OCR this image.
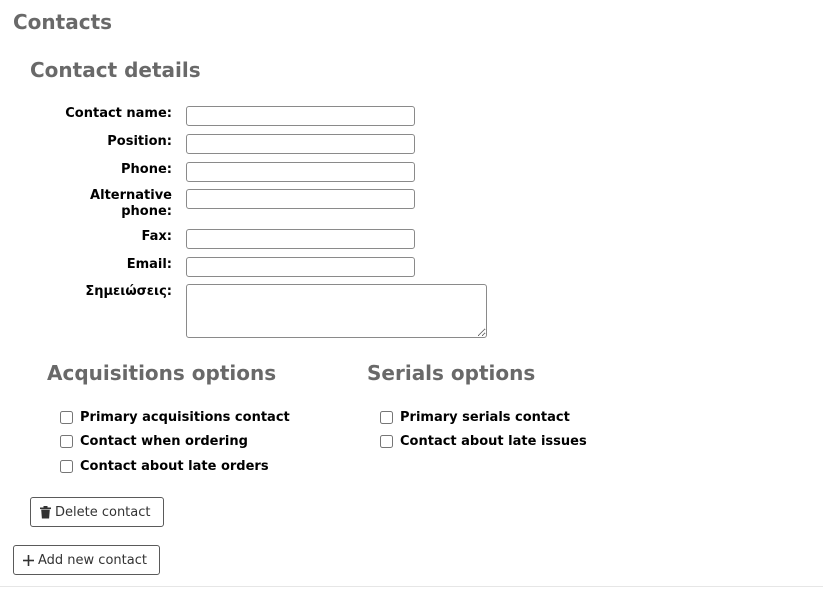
Contacts
Contact details
Contact name:
Position:
Phone:
Alternative
phone:
Fax:
Email:
Σημειώσεις:
Acquisitions options
Primary acquisitions contact
Contact when ordering
Contact about late orders
Serials options
Primary serials contact
Contact about late issues
Delete contact
Add new contact
